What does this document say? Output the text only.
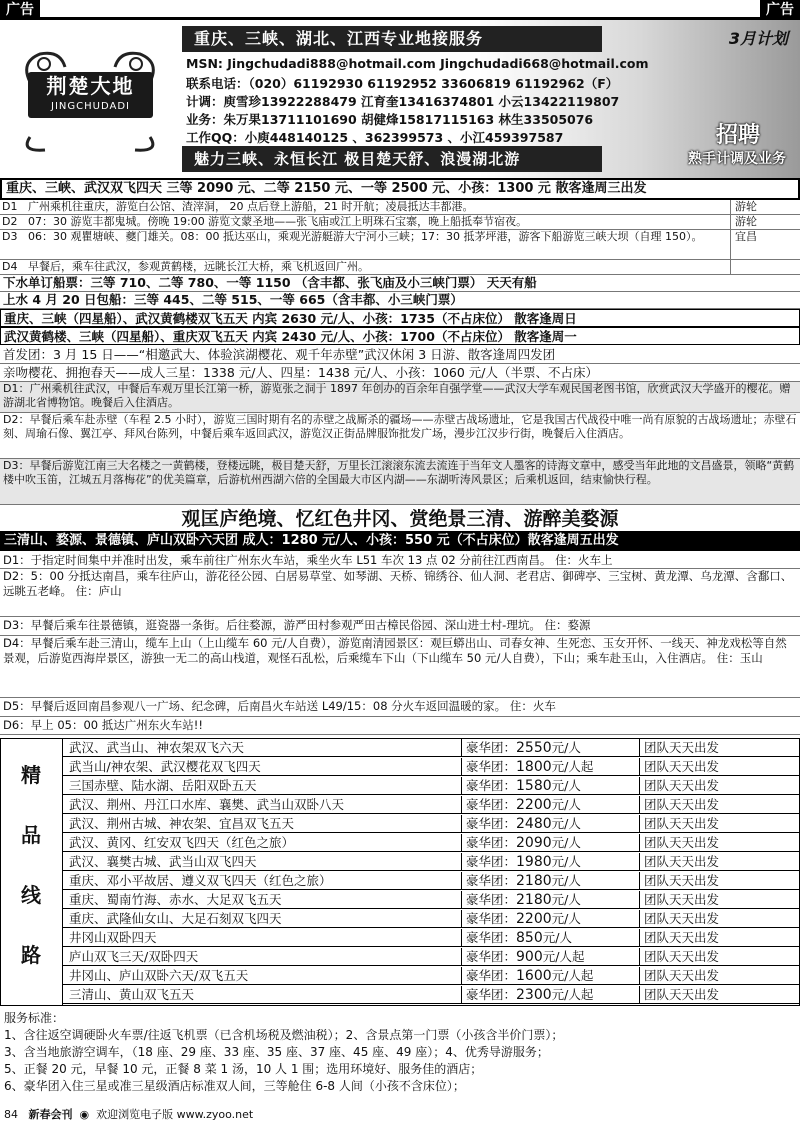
广告	广告
荆楚大地
JINGCHUDADI
重庆、三峡、湖北、江西专业地接服务	3月计划
MSN: Jingchudadi888@hotmail.com Jingchudadi668@hotmail.com
联系电话：（020）61192930 61192952 33606819 61192962（F）
计调：庾雪珍13922288479 江育奎13416374801 小云13422119807
业务：朱万果13711101690 胡健烽15817115163 林生33505076
工作QQ：小庾448140125 、362399573 、小江459397587	招聘
熟手计调及业务
魅力三峡、永恒长江 极目楚天舒、浪漫湖北游
重庆、三峡、武汉双飞四天 三等 2090 元、二等 2150 元、一等 2500 元、小孩：1300 元 散客逢周三出发
D1 广州乘机往重庆，游览白公馆、渣滓洞， 20 点后登上游船，21 时开航；凌晨抵达丰都港。	游轮
D2 07：30 游览丰都鬼城。傍晚 19:00 游览文蒙圣地——张飞庙或江上明珠石宝寨，晚上船抵奉节宿夜。	游轮
D3 06：30 观瞿塘峡、夔门雄关。08：00 抵达巫山，乘观光游艇游大宁河小三峡；17：30 抵茅坪港，游客下船游览三峡大坝（自理 150）。	宜昌
D4 早餐后，乘车往武汉，参观黄鹤楼，远眺长江大桥，乘飞机返回广州。
下水单订船票：三等 710、二等 780、一等 1150 （含丰都、张飞庙及小三峡门票） 天天有船
上水 4 月 20 日包船：三等 445、二等 515、一等 665（含丰都、小三峡门票）
重庆、三峡（四星船）、武汉黄鹤楼双飞五天 内宾 2630 元/人、小孩：1735（不占床位） 散客逢周日
武汉黄鹤楼、三峡（四星船）、重庆双飞五天 内宾 2430 元/人、小孩：1700（不占床位） 散客逢周一
首发团：3 月 15 日——“相邀武大、体验滨湖樱花、观千年赤壁”武汉休闲 3 日游、散客逢周四发团
亲吻樱花、拥抱春天——成人三星：1338 元/人、四星：1438 元/人、小孩：1060 元/人（半票、不占床）
D1：广州乘机往武汉，中餐后车观万里长江第一桥，游览张之洞于 1897 年创办的百余年自强学堂——武汉大学车观民国老图书馆，欣赏武汉大学盛开的樱花。赠游湖北省博物馆。晚餐后入住酒店。
D2：早餐后乘车赴赤壁（车程 2.5 小时），游览三国时期有名的赤壁之战厮杀的疆场——赤壁古战场遗址，它是我国古代战役中唯一尚有原貌的古战场遗址；赤壁石刻、周瑜石像、翼江亭、拜风台陈列，中餐后乘车返回武汉，游览汉正街品牌服饰批发广场，漫步江汉步行街，晚餐后入住酒店。
D3：早餐后游览江南三大名楼之一黄鹤楼，登楼远眺，极目楚天舒，万里长江滚滚东流去流连于当年文人墨客的诗海文章中，感受当年此地的文昌盛景，领略“黄鹤楼中吹玉笛，江城五月落梅花”的优美篇章，后游杭州西湖六倍的全国最大市区内湖——东湖听涛风景区；后乘机返回，结束愉快行程。
观匡庐绝境、忆红色井冈、赏绝景三清、游醉美婺源
三清山、婺源、景德镇、庐山双卧六天团 成人：1280 元/人、小孩：550 元（不占床位）散客逢周五出发
D1：于指定时间集中并准时出发，乘车前往广州东火车站，乘坐火车 L51 车次 13 点 02 分前往江西南昌。 住：火车上
D2：5：00 分抵达南昌，乘车往庐山，游花径公园、白居易草堂、如琴湖、天桥、锦绣谷、仙人洞、老君店、御碑亭、三宝树、黄龙潭、乌龙潭、含鄱口、远眺五老峰。 住：庐山
D3：早餐后乘车往景德镇，逛瓷器一条街。后往婺源，游严田村参观严田古樟民俗园、深山进士村-理坑。 住：婺源
D4：早餐后乘车赴三清山，缆车上山（上山缆车 60 元/人自费），游览南清园景区：观巨蟒出山、司春女神、生死恋、玉女开怀、一线天、神龙戏松等自然景观，后游览西海岸景区，游独一无二的高山栈道，观怪石乱松，后乘缆车下山（下山缆车 50 元/人自费），下山；乘车赴玉山，入住酒店。 住：玉山
D5：早餐后返回南昌参观八一广场、纪念碑，后南昌火车站送 L49/15：08 分火车返回温暖的家。 住：火车
D6：早上 05：00 抵达广州东火车站!!
精
品
线
路
武汉、武当山、神农架双飞六天	豪华团：2550元/人	团队天天出发
武当山/神农架、武汉樱花双飞四天	豪华团：1800元/人起	团队天天出发
三国赤壁、陆水湖、岳阳双卧五天	豪华团：1580元/人	团队天天出发
武汉、荆州、丹江口水库、襄樊、武当山双卧八天	豪华团：2200元/人	团队天天出发
武汉、荆州古城、神农架、宜昌双飞五天	豪华团：2480元/人	团队天天出发
武汉、黄冈、红安双飞四天（红色之旅）	豪华团：2090元/人	团队天天出发
武汉、襄樊古城、武当山双飞四天	豪华团：1980元/人	团队天天出发
重庆、邓小平故居、遵义双飞四天（红色之旅）	豪华团：2180元/人	团队天天出发
重庆、蜀南竹海、赤水、大足双飞五天	豪华团：2180元/人	团队天天出发
重庆、武隆仙女山、大足石刻双飞四天	豪华团：2200元/人	团队天天出发
井冈山双卧四天	豪华团：850元/人	团队天天出发
庐山双飞三天/双卧四天	豪华团：900元/人起	团队天天出发
井冈山、庐山双卧六天/双飞五天	豪华团：1600元/人起	团队天天出发
三清山、黄山双飞五天	豪华团：2300元/人起	团队天天出发
服务标准：
1、含往返空调硬卧火车票/往返飞机票（已含机场税及燃油税）；2、含景点第一门票（小孩含半价门票）；
3、含当地旅游空调车，（18 座、29 座、33 座、35 座、37 座、45 座、49 座）；4、优秀导游服务；
5、正餐 20 元，早餐 10 元，正餐 8 菜 1 汤，10 人 1 围；选用环境好、服务佳的酒店；
6、豪华团入住三星或准三星级酒店标准双人间，三等舱住 6-8 人间（小孩不含床位）；
84 新春会刊 ◉ 欢迎浏览电子版 www.zyoo.net
